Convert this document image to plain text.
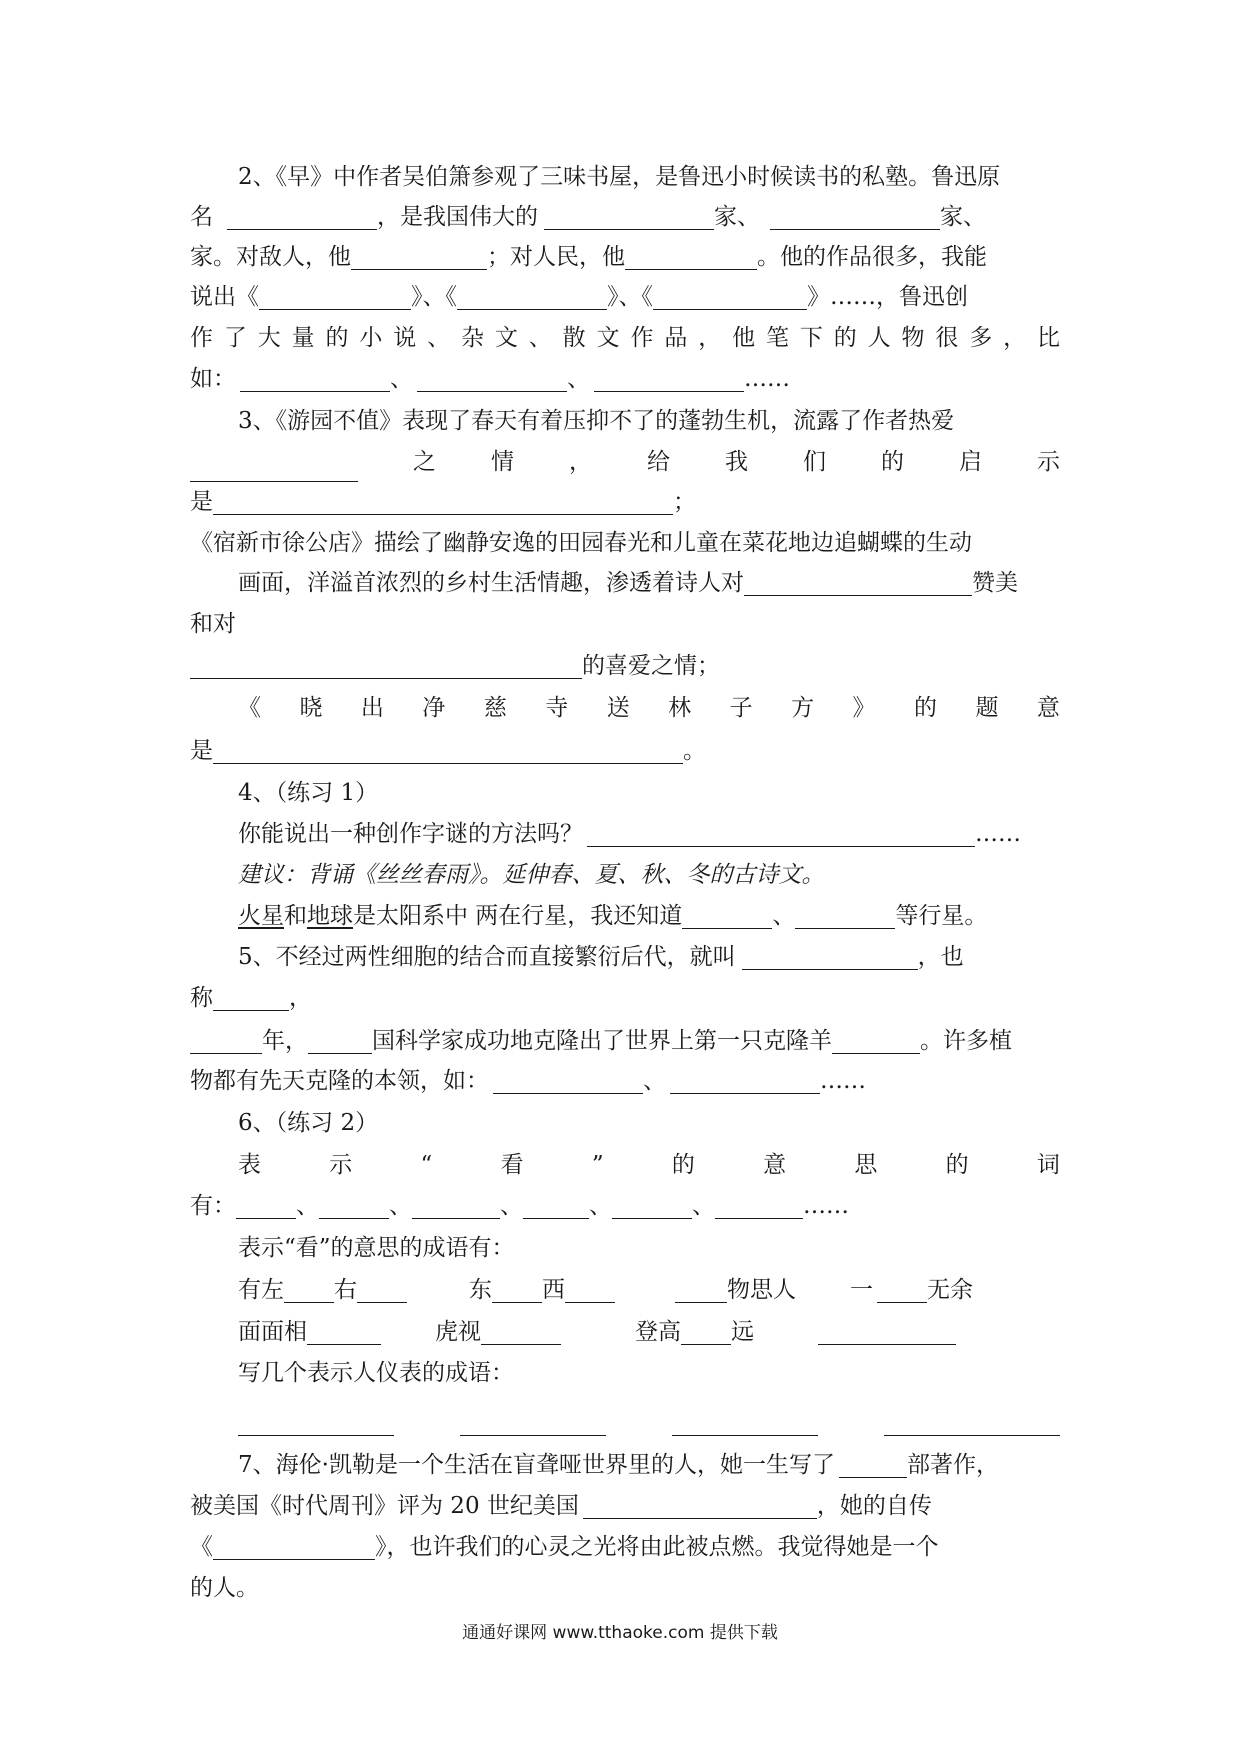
2、《早》中作者吴伯箫参观了三味书屋，是鲁迅小时候读书的私塾。鲁迅原
名	，是我国伟大的	家、	家、
家。对敌人，他	；对人民，他	。他的作品很多，我能
说出《	》、《	》、《	》……，鲁迅创
作了大量的小说、杂文、散文作品，他笔下的人物很多，比
如：	、	、	……
3、《游园不值》表现了春天有着压抑不了的蓬勃生机，流露了作者热爱
之 情 ， 给 我 们 的 启 示
是	；
《宿新市徐公店》描绘了幽静安逸的田园春光和儿童在菜花地边追蝴蝶的生动
画面，洋溢首浓烈的乡村生活情趣，渗透着诗人对	赞美
和对
的喜爱之情；
《 晓 出 净 慈 寺 送 林 子 方 》 的 题 意
是	。
4、（练习 1）
你能说出一种创作字谜的方法吗？	……
建议：背诵《丝丝春雨》。延伸春、夏、秋、冬的古诗文。
火星和地球是太阳系中 两在行星，我还知道	、	等行星。
5、不经过两性细胞的结合而直接繁衍后代，就叫	，也
称	，
年，	国科学家成功地克隆出了世界上第一只克隆羊	。许多植
物都有先天克隆的本领，如：	、	……
6、（练习 2）
表	示	“	看	”	的	意	思	的	词
有：	、	、	、	、	、	……
表示“看”的意思的成语有：
有左 右	东 西	物思人 一 无余
面面相	虎视	登高 远
写几个表示人仪表的成语：
7、海伦·凯勒是一个生活在盲聋哑世界里的人，她一生写了	部著作，
被美国《时代周刊》评为 20 世纪美国	，她的自传
《	》，也许我们的心灵之光将由此被点燃。我觉得她是一个
的人。
通通好课网 www.tthaoke.com 提供下载
